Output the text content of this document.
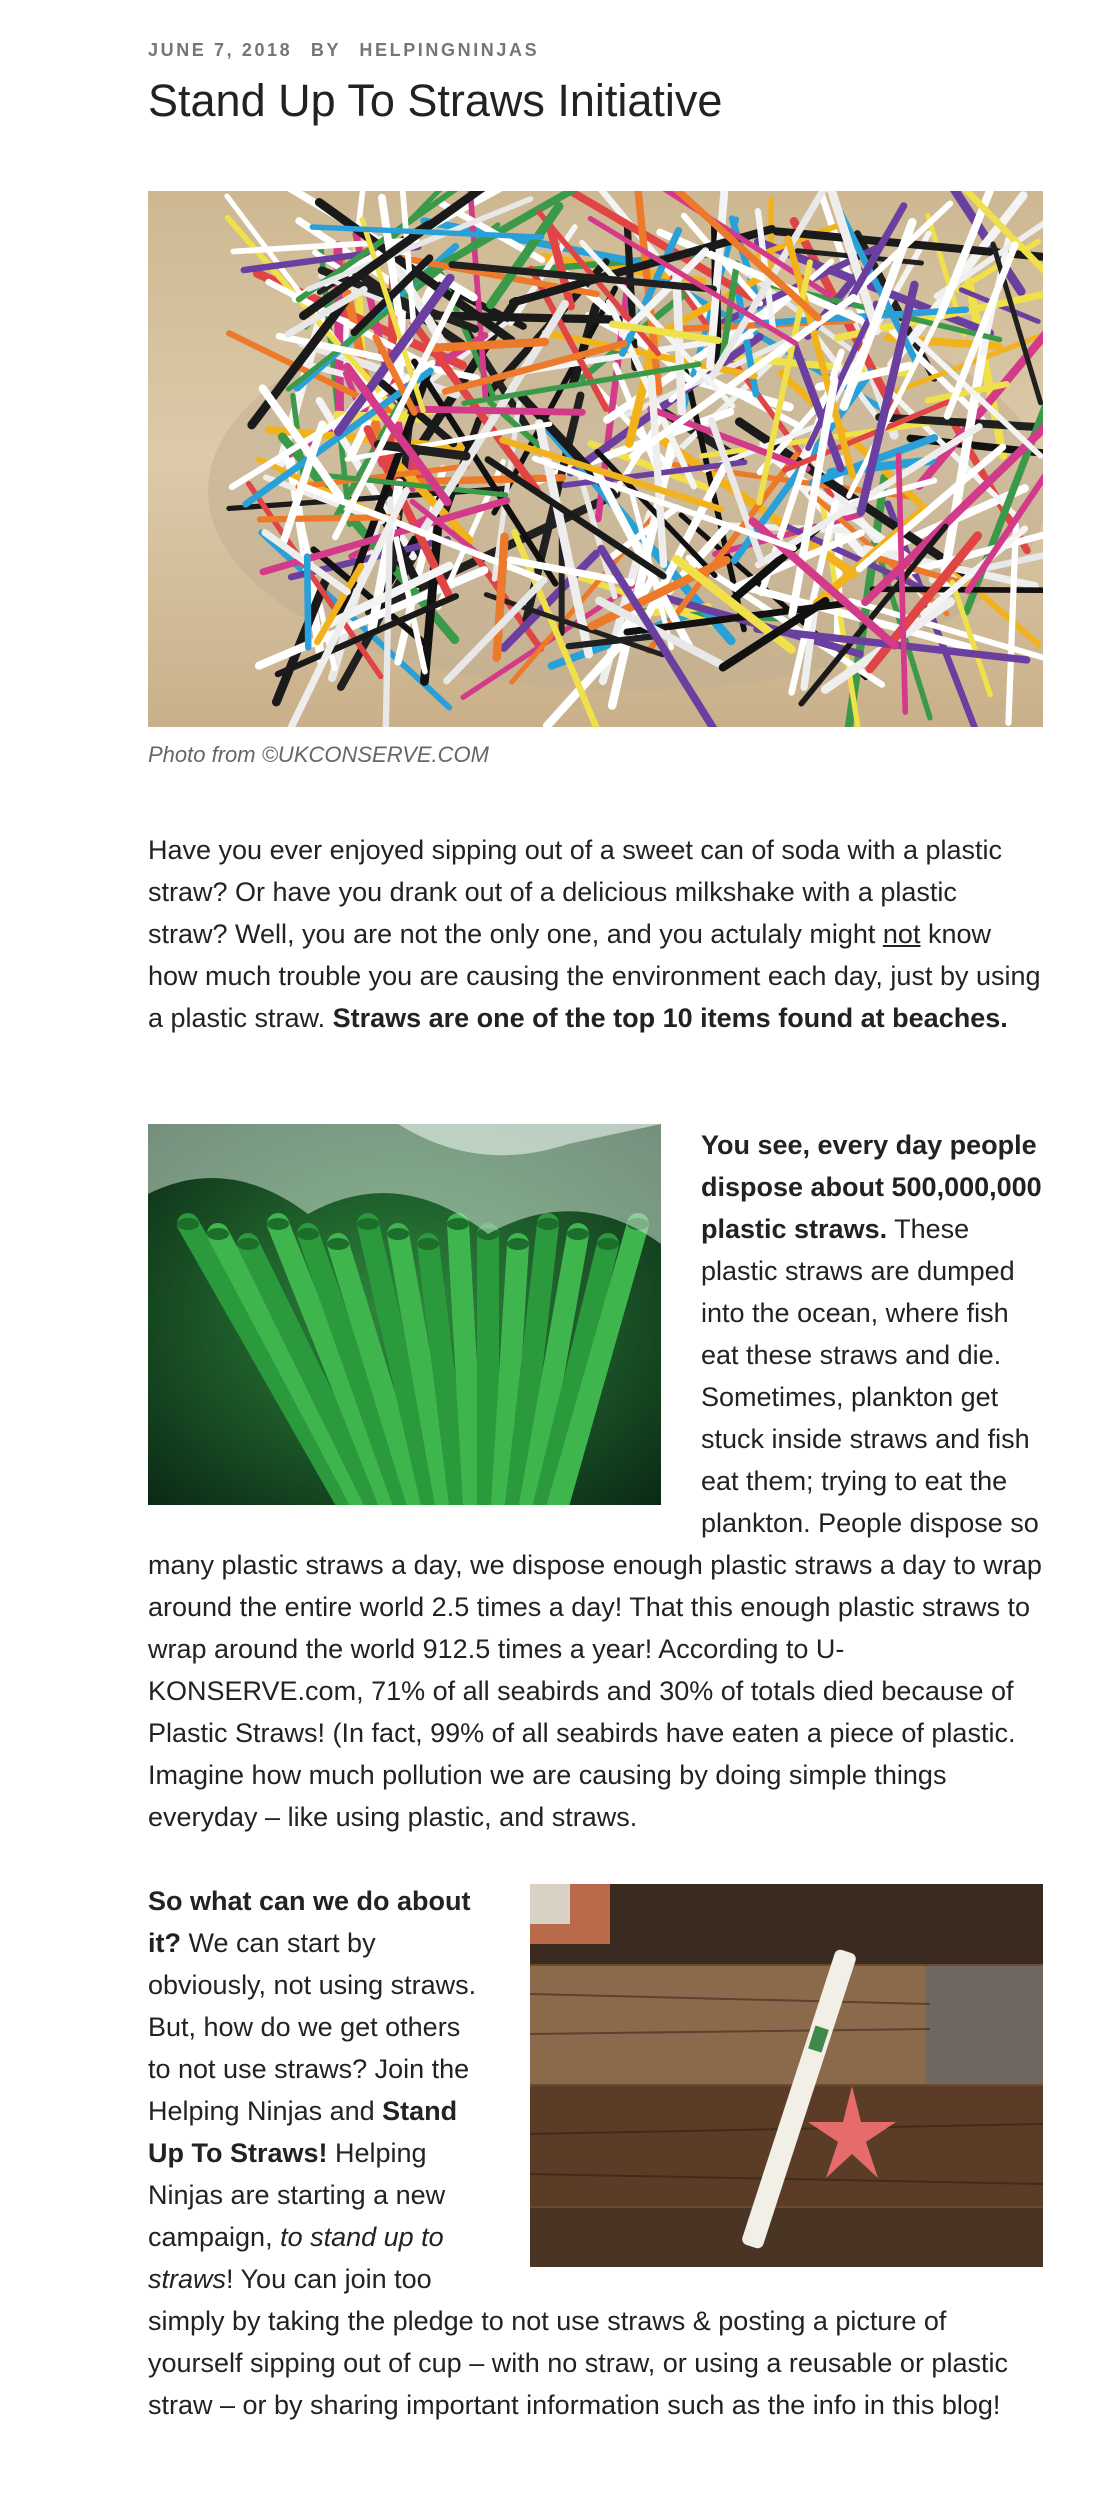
JUNE 7, 2018 BY HELPINGNINJAS
Stand Up To Straws Initiative
Photo from ©UKCONSERVE.COM

Have you ever enjoyed sipping out of a sweet can of soda with a plastic straw? Or have you drank out of a delicious milkshake with a plastic straw? Well, you are not the only one, and you actulaly might not know how much trouble you are causing the environment each day, just by using a plastic straw. Straws are one of the top 10 items found at beaches.

You see, every day people dispose about 500,000,000 plastic straws. These plastic straws are dumped into the ocean, where fish eat these straws and die. Sometimes, plankton get stuck inside straws and fish eat them; trying to eat the plankton. People dispose so many plastic straws a day, we dispose enough plastic straws a day to wrap around the entire world 2.5 times a day! That this enough plastic straws to wrap around the world 912.5 times a year! According to U-KONSERVE.com, 71% of all seabirds and 30% of totals died because of Plastic Straws! (In fact, 99% of all seabirds have eaten a piece of plastic. Imagine how much pollution we are causing by doing simple things everyday – like using plastic, and straws.

So what can we do about it? We can start by obviously, not using straws. But, how do we get others to not use straws? Join the Helping Ninjas and Stand Up To Straws! Helping Ninjas are starting a new campaign, to stand up to straws! You can join too simply by taking the pledge to not use straws & posting a picture of yourself sipping out of cup – with no straw, or using a reusable or plastic straw – or by sharing important information such as the info in this blog!
